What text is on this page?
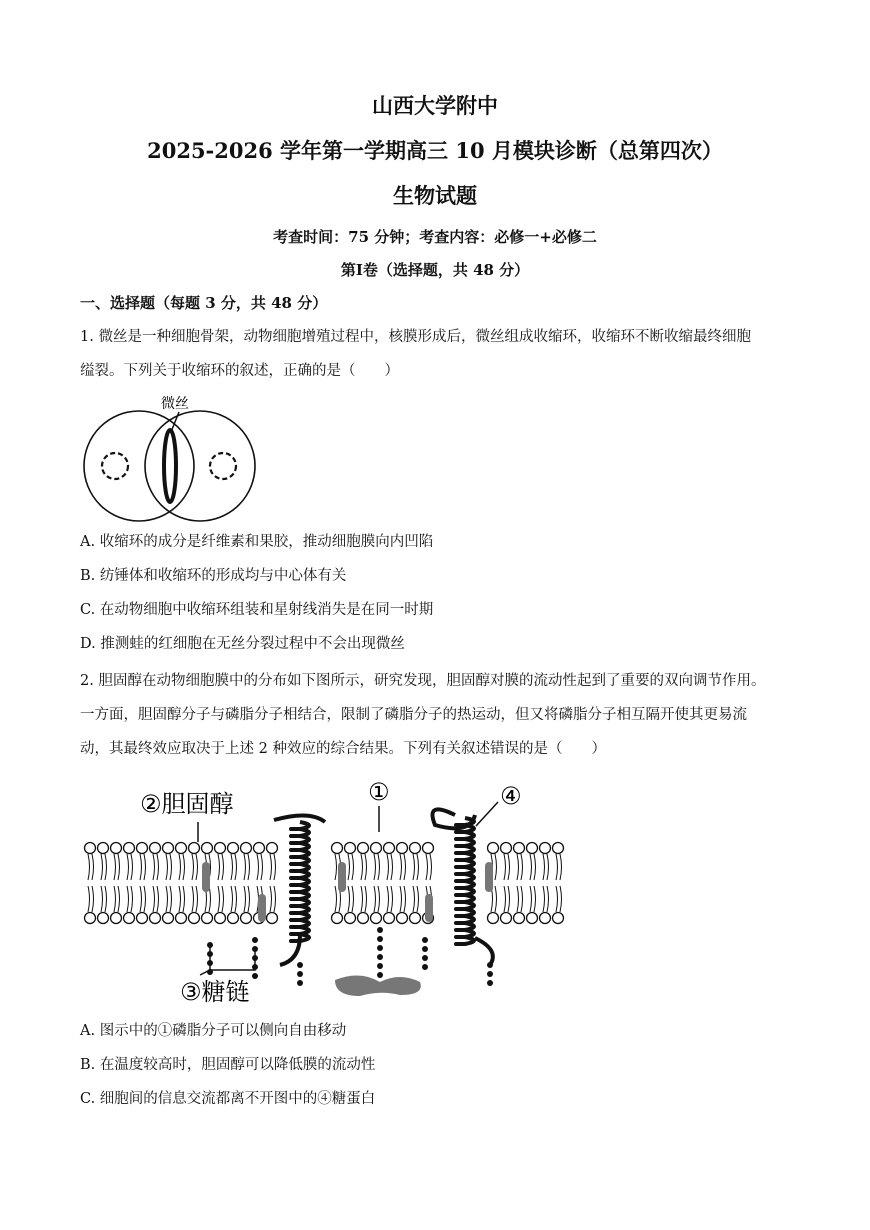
山西大学附中
2025-2026 学年第一学期高三 10 月模块诊断（总第四次）
生物试题
考查时间：75 分钟；考查内容：必修一+必修二
第Ⅰ卷（选择题，共 48 分）
一、选择题（每题 3 分，共 48 分）
1. 微丝是一种细胞骨架，动物细胞增殖过程中，核膜形成后，微丝组成收缩环，收缩环不断收缩最终细胞
缢裂。下列关于收缩环的叙述，正确的是（　　）
微丝
A. 收缩环的成分是纤维素和果胶，推动细胞膜向内凹陷
B. 纺锤体和收缩环的形成均与中心体有关
C. 在动物细胞中收缩环组装和星射线消失是在同一时期
D. 推测蛙的红细胞在无丝分裂过程中不会出现微丝
2. 胆固醇在动物细胞膜中的分布如下图所示，研究发现，胆固醇对膜的流动性起到了重要的双向调节作用。
一方面，胆固醇分子与磷脂分子相结合，限制了磷脂分子的热运动，但又将磷脂分子相互隔开使其更易流
动，其最终效应取决于上述 2 种效应的综合结果。下列有关叙述错误的是（　　）
②胆固醇	①	④
③糖链
A. 图示中的①磷脂分子可以侧向自由移动
B. 在温度较高时，胆固醇可以降低膜的流动性
C. 细胞间的信息交流都离不开图中的④糖蛋白
